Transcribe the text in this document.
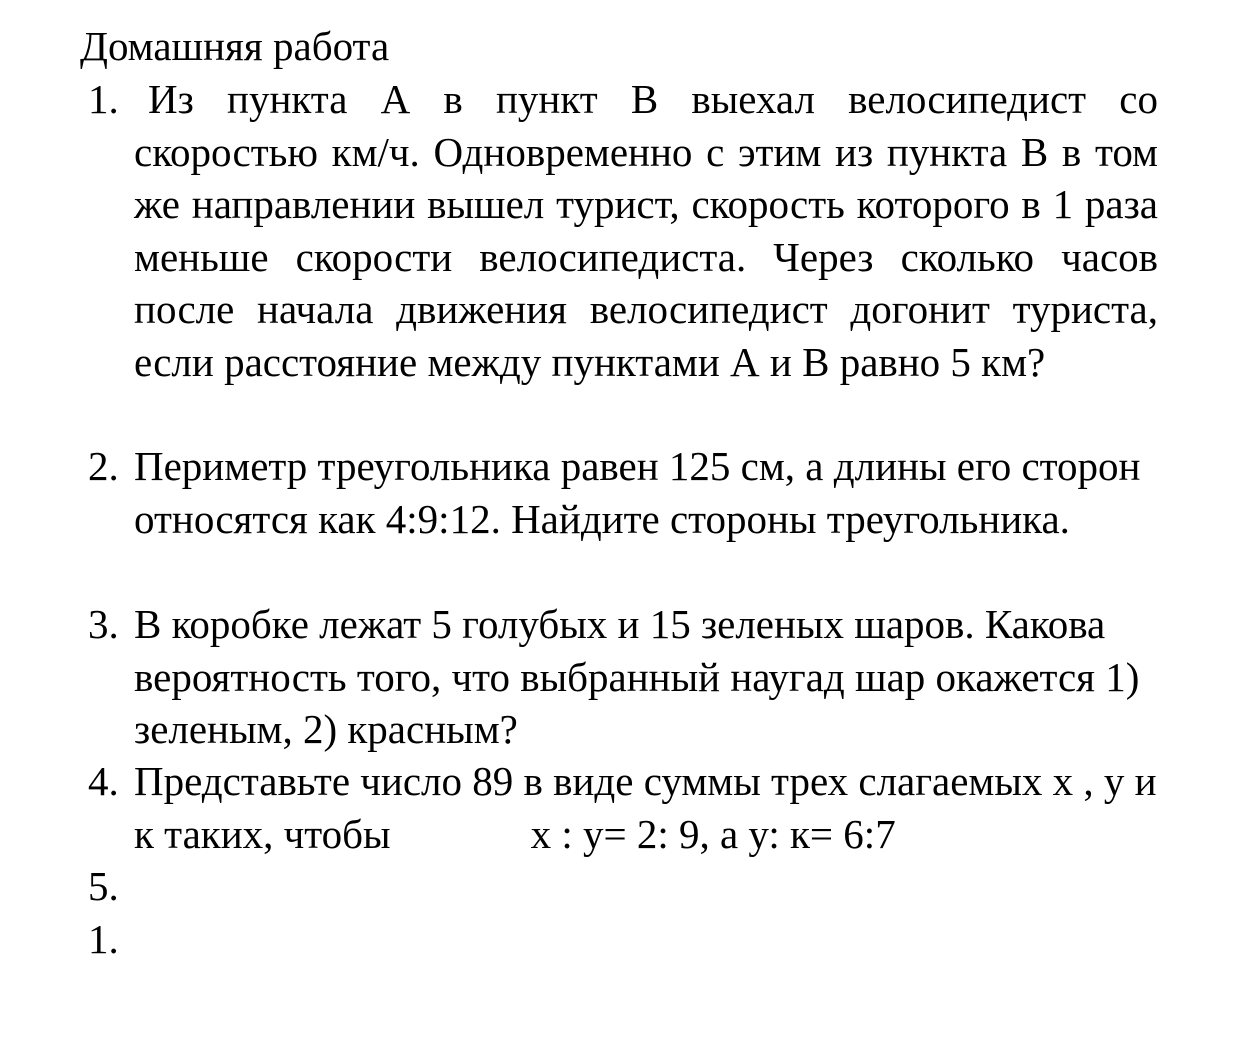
Домашняя работа
1. Из пункта А в пункт В выехал велосипедист со скоростью км/ч. Одновременно с этим из пункта В в том же направлении вышел турист, скорость которого в 1 раза меньше скорости велосипедиста. Через сколько часов после начала движения велосипедист догонит туриста, если расстояние между пунктами А и В равно 5 км?
2. Периметр треугольника равен 125 см, а длины его сторон относятся как 4:9:12. Найдите стороны треугольника.
3. В коробке лежат 5 голубых и 15 зеленых шаров. Какова вероятность того, что выбранный наугад шар окажется 1) зеленым, 2) красным?
4. Представьте число 89 в виде суммы трех слагаемых х , у и к таких, чтобы	х : у= 2: 9, а у: к= 6:7
5.
1.
